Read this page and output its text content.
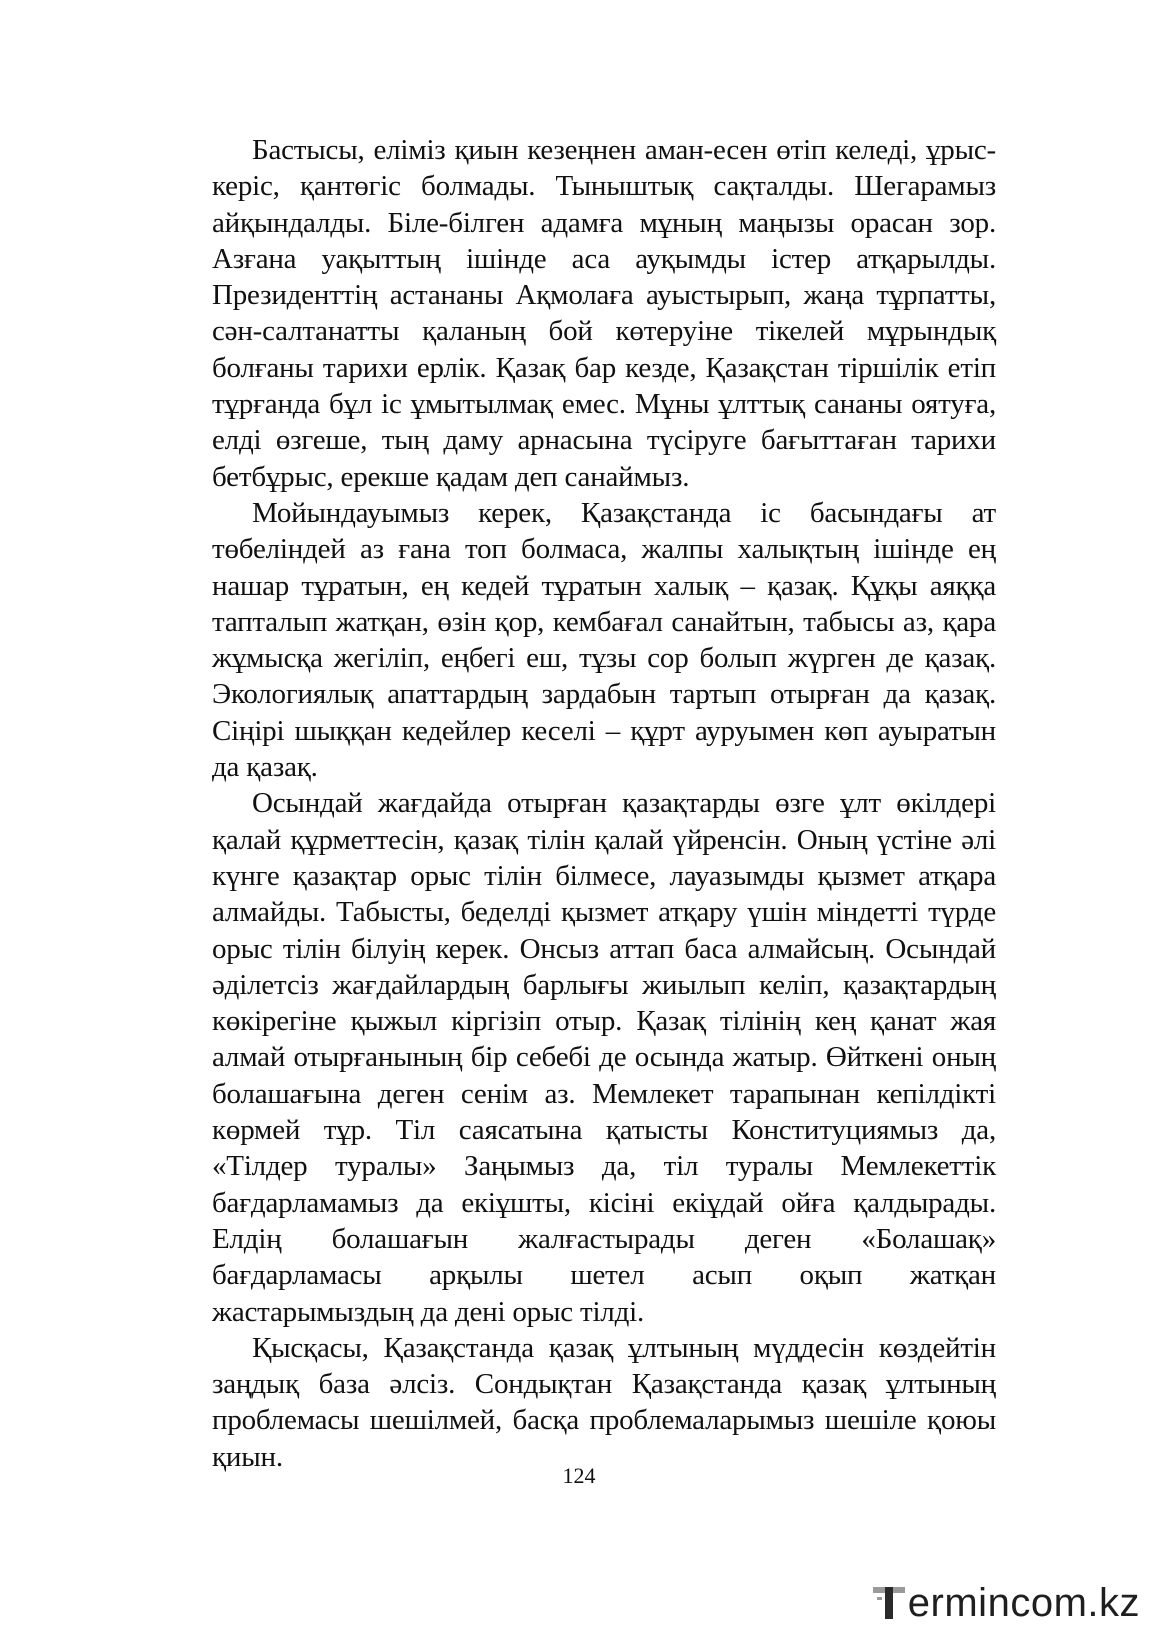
Бастысы, еліміз қиын кезеңнен аман-есен өтіп келеді, ұрыс-керіс, қантөгіс болмады. Тыныштық сақталды. Шегарамыз айқындалды. Біле-білген адамға мұның маңызы орасан зор. Азғана уақыттың ішінде аса ауқымды істер атқарылды. Президенттің астананы Ақмолаға ауыстырып, жаңа тұрпатты, сән-салтанатты қаланың бой көтеруіне тікелей мұрындық болғаны тарихи ерлік. Қазақ бар кезде, Қазақстан тіршілік етіп тұрғанда бұл іс ұмытылмақ емес. Мұны ұлттық сананы оятуға, елді өзгеше, тың даму арнасына түсіруге бағыттаған тарихи бетбұрыс, ерекше қадам деп санаймыз.

Мойындауымыз керек, Қазақстанда іс басындағы ат төбеліндей аз ғана топ болмаса, жалпы халықтың ішінде ең нашар тұратын, ең кедей тұратын халық – қазақ. Құқы аяққа тапталып жатқан, өзін қор, кембағал санайтын, табысы аз, қара жұмысқа жегіліп, еңбегі еш, тұзы сор болып жүрген де қазақ. Экологиялық апаттардың зардабын тартып отырған да қазақ. Сіңірі шыққан кедейлер кеселі – құрт ауруымен көп ауыратын да қазақ.

Осындай жағдайда отырған қазақтарды өзге ұлт өкілдері қалай құрметтесін, қазақ тілін қалай үйренсін. Оның үстіне әлі күнге қазақтар орыс тілін білмесе, лауазымды қызмет атқара алмайды. Табысты, беделді қызмет атқару үшін міндетті түрде орыс тілін білуің керек. Онсыз аттап баса алмайсың. Осындай әділетсіз жағдайлардың барлығы жиылып келіп, қазақтардың көкірегіне қыжыл кіргізіп отыр. Қазақ тілінің кең қанат жая алмай отырғанының бір себебі де осында жатыр. Өйткені оның болашағына деген сенім аз. Мемлекет тарапынан кепілдікті көрмей тұр. Тіл саясатына қатысты Конституциямыз да, «Тілдер туралы» Заңымыз да, тіл туралы Мемлекеттік бағдарламамыз да екіұшты, кісіні екіұдай ойға қалдырады. Елдің болашағын жалғастырады деген «Болашақ» бағдарламасы арқылы шетел асып оқып жатқан жастарымыздың да дені орыс тілді.

Қысқасы, Қазақстанда қазақ ұлтының мүддесін көздейтін заңдық база әлсіз. Сондықтан Қазақстанда қазақ ұлтының проблемасы шешілмей, басқа проблемаларымыз шешіле қоюы қиын.

124
ermincom.kz
